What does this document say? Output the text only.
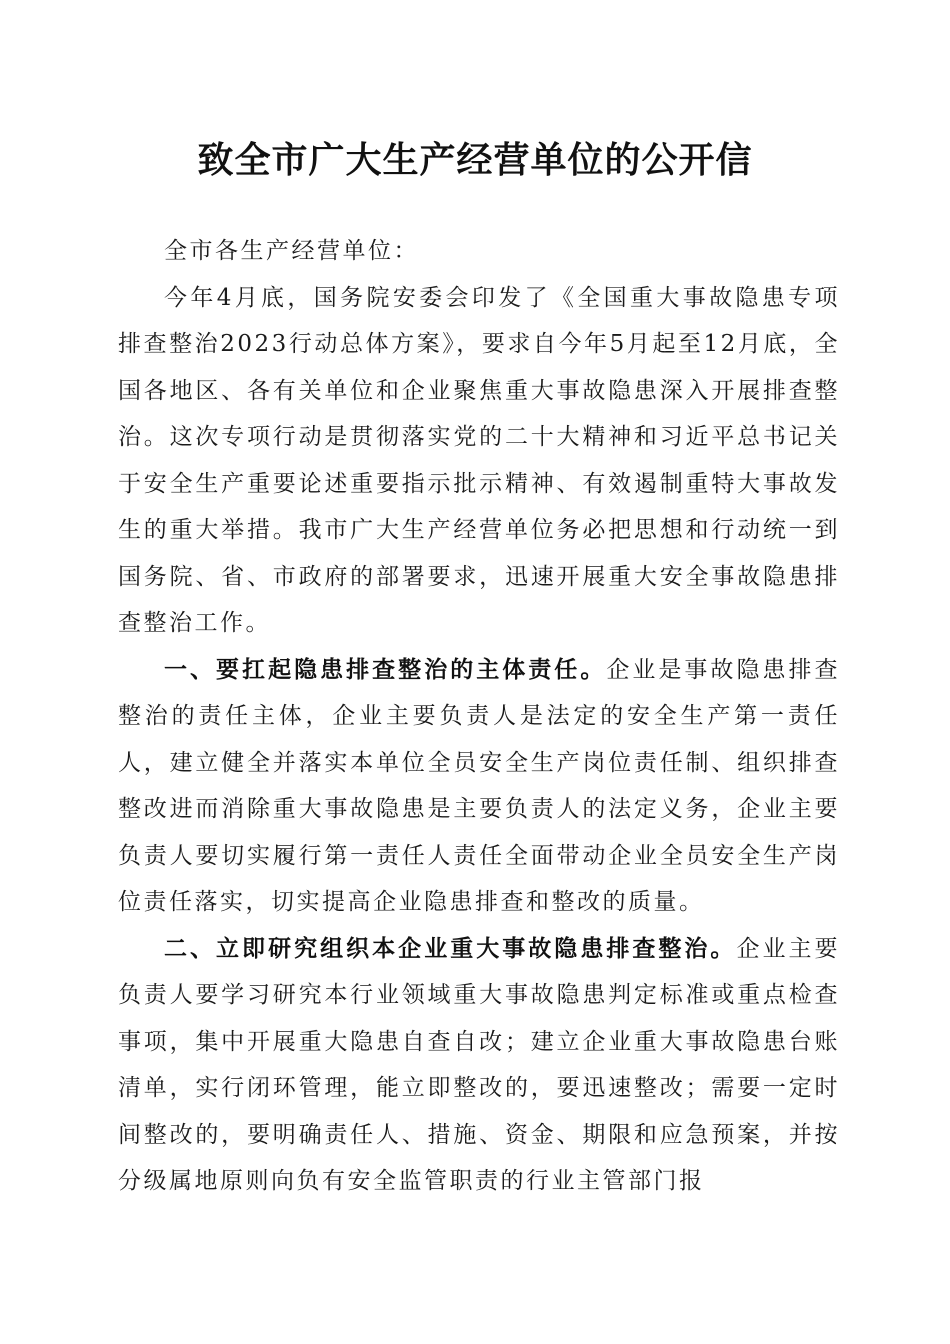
致全市广大生产经营单位的公开信

全市各生产经营单位：

今年4月底，国务院安委会印发了《全国重大事故隐患专项排查整治2023行动总体方案》，要求自今年5月起至12月底，全国各地区、各有关单位和企业聚焦重大事故隐患深入开展排查整治。这次专项行动是贯彻落实党的二十大精神和习近平总书记关于安全生产重要论述重要指示批示精神、有效遏制重特大事故发生的重大举措。我市广大生产经营单位务必把思想和行动统一到国务院、省、市政府的部署要求，迅速开展重大安全事故隐患排查整治工作。

一、要扛起隐患排查整治的主体责任。企业是事故隐患排查整治的责任主体，企业主要负责人是法定的安全生产第一责任人，建立健全并落实本单位全员安全生产岗位责任制、组织排查整改进而消除重大事故隐患是主要负责人的法定义务，企业主要负责人要切实履行第一责任人责任全面带动企业全员安全生产岗位责任落实，切实提高企业隐患排查和整改的质量。

二、立即研究组织本企业重大事故隐患排查整治。企业主要负责人要学习研究本行业领域重大事故隐患判定标准或重点检查事项，集中开展重大隐患自查自改；建立企业重大事故隐患台账清单，实行闭环管理，能立即整改的，要迅速整改；需要一定时间整改的，要明确责任人、措施、资金、期限和应急预案，并按分级属地原则向负有安全监管职责的行业主管部门报
